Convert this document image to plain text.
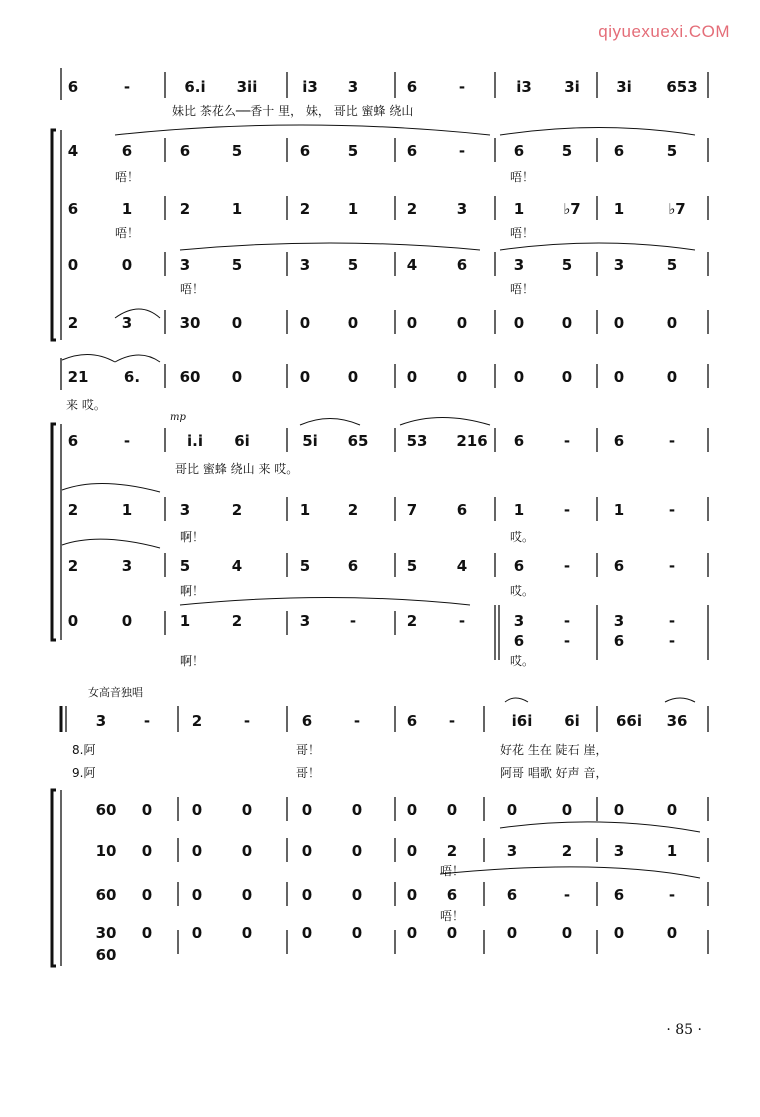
qiyuexuexi.COM
6	-	6.i	3ii	i3 3	6	-	i3 3i 3i 653
4	6	6	5	6	5	6	-	6	5	6	5
6	1	2	1	2	1	2	3	1	♭7 1	♭7
0	0	3	5	3	5	4	6	3	5	3	5
2	3	30 0	0	0	0	0	0	0	0	0
21 6.	60 0	0	0	0	0	0	0	0	0
6	-	i.i	6i	5i 65	53 216 6	-	6	-
2	1	3	2	1	2	7	6	1	-	1	-
2	3	5	4	5	6	5	4	6	-	6	-
0	0	1	2	3	-	2	-	3	-	3	-
6	-	6	-
3	-	2	-	6	-	6 -	i6i	6i 66i 36
60 0	0	0	0	0	0 0	0	0	0	0
10 0	0	0	0	0	0 2	3	2	3	1
60 0	0	0	0	0	0 6	6	-	6	-
30 0	0	0	0	0	0 0	0	0	0	0
60
妹比 茶花么──香十 里， 妹， 哥比 蜜蜂 绕山
唔！	唔！
唔！	唔！
唔！	唔！
来 哎。
mp
哥比 蜜蜂 绕山 来 哎。
啊！	哎。
啊！	哎。
啊！	哎。
女高音独唱
8.阿	哥！	好花 生在 陡石 崖，
9.阿	哥！	阿哥 唱歌 好声 音，
唔！
唔！
· 85 ·
